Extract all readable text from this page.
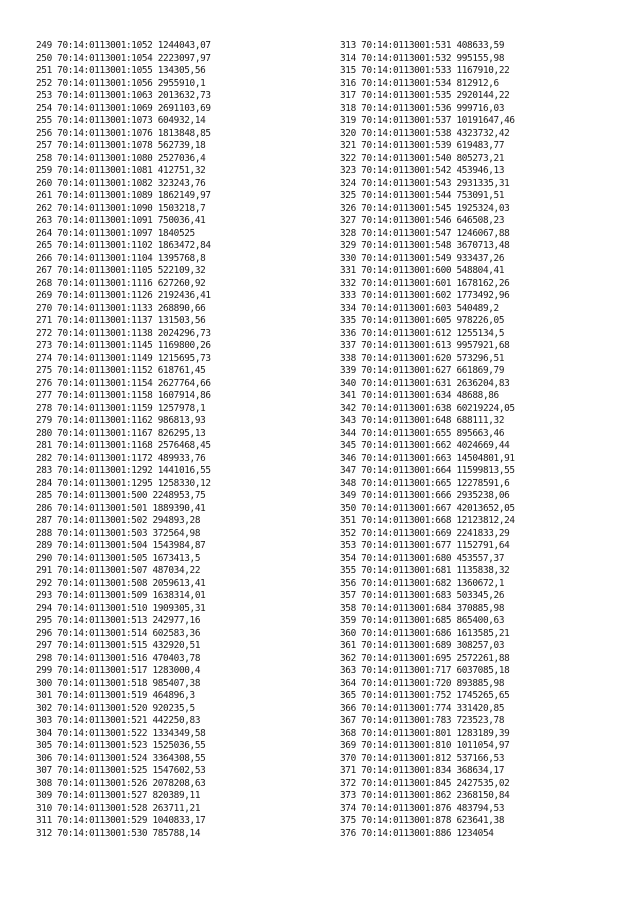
249 70:14:0113001:1052 1244043,07
250 70:14:0113001:1054 2223097,97
251 70:14:0113001:1055 134305,56
252 70:14:0113001:1056 2955910,1
253 70:14:0113001:1063 2013632,73
254 70:14:0113001:1069 2691103,69
255 70:14:0113001:1073 604932,14
256 70:14:0113001:1076 1813848,85
257 70:14:0113001:1078 562739,18
258 70:14:0113001:1080 2527036,4
259 70:14:0113001:1081 412751,32
260 70:14:0113001:1082 323243,76
261 70:14:0113001:1089 1862149,97
262 70:14:0113001:1090 1503218,7
263 70:14:0113001:1091 750036,41
264 70:14:0113001:1097 1840525
265 70:14:0113001:1102 1863472,84
266 70:14:0113001:1104 1395768,8
267 70:14:0113001:1105 522109,32
268 70:14:0113001:1116 627260,92
269 70:14:0113001:1126 2192436,41
270 70:14:0113001:1133 268890,66
271 70:14:0113001:1137 131503,56
272 70:14:0113001:1138 2024296,73
273 70:14:0113001:1145 1169800,26
274 70:14:0113001:1149 1215695,73
275 70:14:0113001:1152 618761,45
276 70:14:0113001:1154 2627764,66
277 70:14:0113001:1158 1607914,86
278 70:14:0113001:1159 1257978,1
279 70:14:0113001:1162 986813,93
280 70:14:0113001:1167 826295,13
281 70:14:0113001:1168 2576468,45
282 70:14:0113001:1172 489933,76
283 70:14:0113001:1292 1441016,55
284 70:14:0113001:1295 1258330,12
285 70:14:0113001:500 2248953,75
286 70:14:0113001:501 1889390,41
287 70:14:0113001:502 294893,28
288 70:14:0113001:503 372564,98
289 70:14:0113001:504 1543984,87
290 70:14:0113001:505 1673413,5
291 70:14:0113001:507 487034,22
292 70:14:0113001:508 2059613,41
293 70:14:0113001:509 1638314,01
294 70:14:0113001:510 1909305,31
295 70:14:0113001:513 242977,16
296 70:14:0113001:514 602583,36
297 70:14:0113001:515 432920,51
298 70:14:0113001:516 470403,78
299 70:14:0113001:517 1283000,4
300 70:14:0113001:518 985407,38
301 70:14:0113001:519 464896,3
302 70:14:0113001:520 920235,5
303 70:14:0113001:521 442250,83
304 70:14:0113001:522 1334349,58
305 70:14:0113001:523 1525036,55
306 70:14:0113001:524 3364308,55
307 70:14:0113001:525 1547602,53
308 70:14:0113001:526 2078208,63
309 70:14:0113001:527 820389,11
310 70:14:0113001:528 263711,21
311 70:14:0113001:529 1040833,17
312 70:14:0113001:530 785788,14
313 70:14:0113001:531 408633,59
314 70:14:0113001:532 995155,98
315 70:14:0113001:533 1167910,22
316 70:14:0113001:534 812912,6
317 70:14:0113001:535 2920144,22
318 70:14:0113001:536 999716,03
319 70:14:0113001:537 10191647,46
320 70:14:0113001:538 4323732,42
321 70:14:0113001:539 619483,77
322 70:14:0113001:540 805273,21
323 70:14:0113001:542 453946,13
324 70:14:0113001:543 2931335,31
325 70:14:0113001:544 753091,51
326 70:14:0113001:545 1925324,03
327 70:14:0113001:546 646508,23
328 70:14:0113001:547 1246067,88
329 70:14:0113001:548 3670713,48
330 70:14:0113001:549 933437,26
331 70:14:0113001:600 548804,41
332 70:14:0113001:601 1678162,26
333 70:14:0113001:602 1773492,96
334 70:14:0113001:603 540489,2
335 70:14:0113001:605 978226,05
336 70:14:0113001:612 1255134,5
337 70:14:0113001:613 9957921,68
338 70:14:0113001:620 573296,51
339 70:14:0113001:627 661869,79
340 70:14:0113001:631 2636204,83
341 70:14:0113001:634 48688,86
342 70:14:0113001:638 60219224,05
343 70:14:0113001:648 688111,32
344 70:14:0113001:655 895663,46
345 70:14:0113001:662 4024669,44
346 70:14:0113001:663 14504801,91
347 70:14:0113001:664 11599813,55
348 70:14:0113001:665 12278591,6
349 70:14:0113001:666 2935238,06
350 70:14:0113001:667 42013652,05
351 70:14:0113001:668 12123812,24
352 70:14:0113001:669 2241833,29
353 70:14:0113001:677 1152791,64
354 70:14:0113001:680 453557,37
355 70:14:0113001:681 1135838,32
356 70:14:0113001:682 1360672,1
357 70:14:0113001:683 503345,26
358 70:14:0113001:684 370885,98
359 70:14:0113001:685 865400,63
360 70:14:0113001:686 1613585,21
361 70:14:0113001:689 308257,03
362 70:14:0113001:695 2572261,88
363 70:14:0113001:717 6037085,18
364 70:14:0113001:720 893885,98
365 70:14:0113001:752 1745265,65
366 70:14:0113001:774 331420,85
367 70:14:0113001:783 723523,78
368 70:14:0113001:801 1283189,39
369 70:14:0113001:810 1011054,97
370 70:14:0113001:812 537166,53
371 70:14:0113001:834 368634,17
372 70:14:0113001:845 2427535,02
373 70:14:0113001:862 2368150,84
374 70:14:0113001:876 483794,53
375 70:14:0113001:878 623641,38
376 70:14:0113001:886 1234054
